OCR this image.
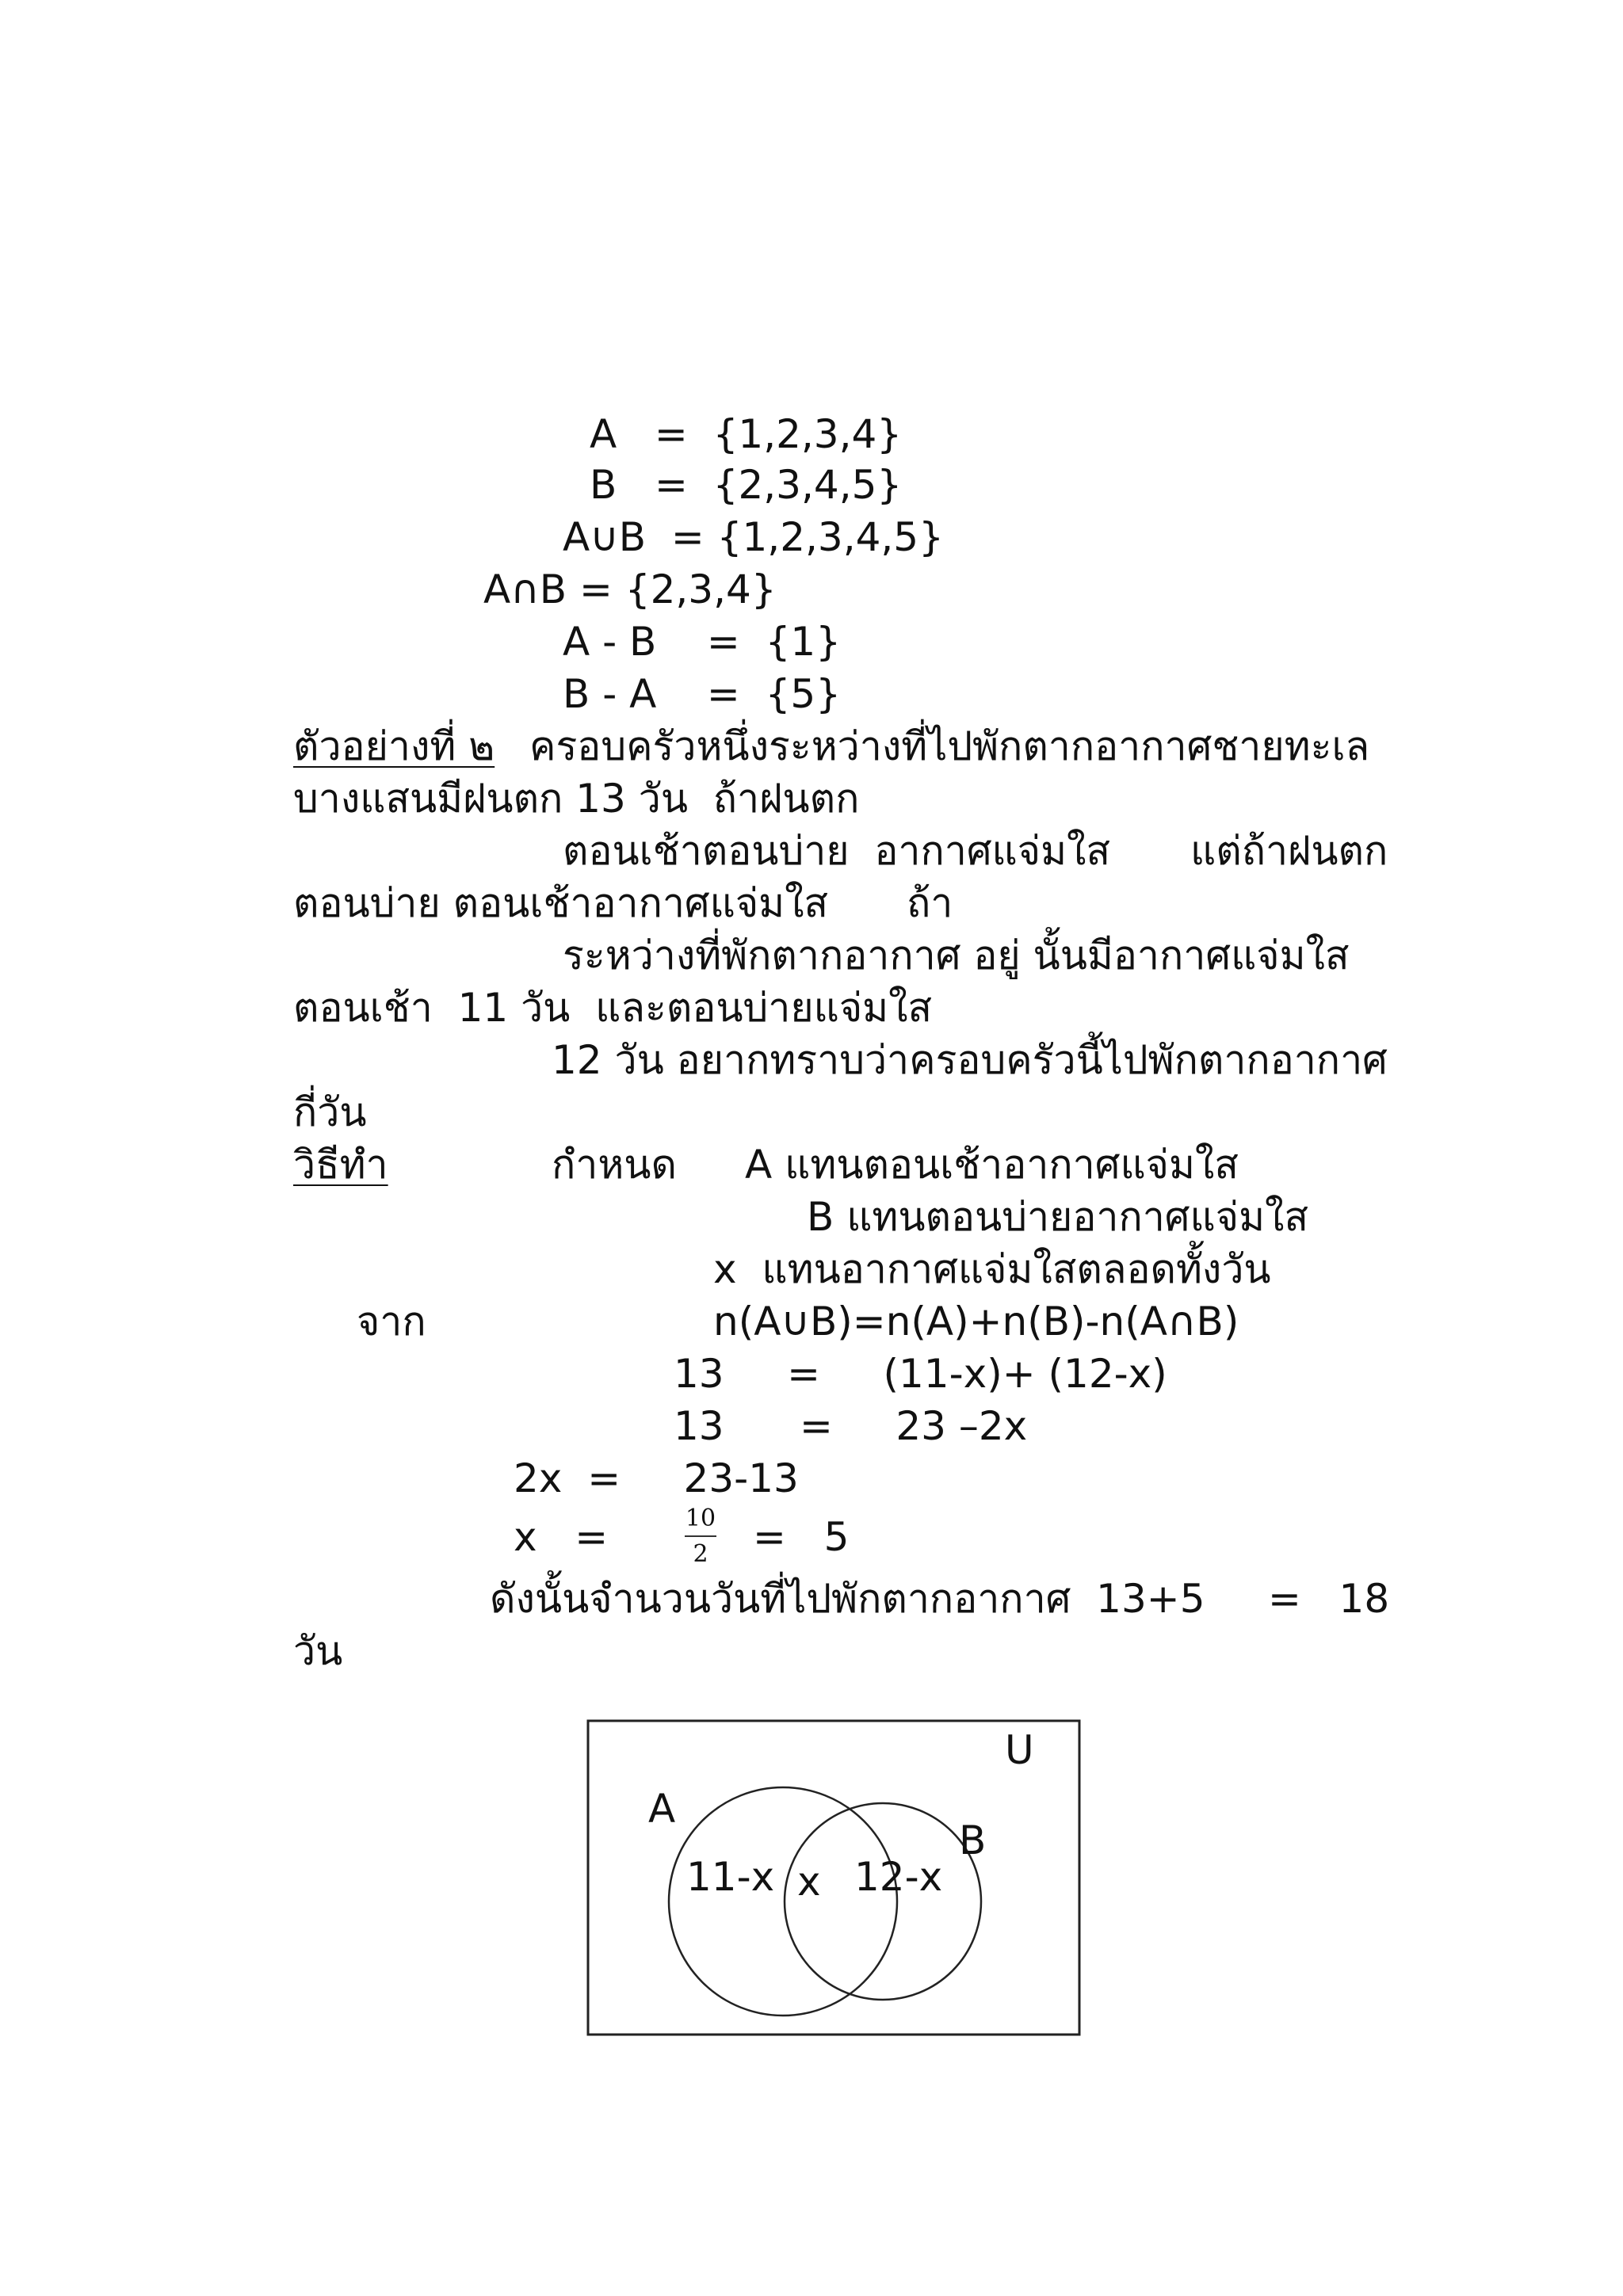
A   =  {1,2,3,4}
B   =  {2,3,4,5}
A∪B  = {1,2,3,4,5}
A∩B = {2,3,4}
A - B    =  {1}
B - A    =  {5}
ตัวอย่างที่ ๒ ครอบครัวหนึ่งระหว่างที่ไปพักตากอากาศชายทะเล
บางแสนมีฝนตก 13 วัน  ถ้าฝนตก
ตอนเช้าตอนบ่าย  อากาศแจ่มใส แต่ถ้าฝนตก
ตอนบ่าย ตอนเช้าอากาศแจ่มใส ถ้า
ระหว่างที่พักตากอากาศ อยู่ นั้นมีอากาศแจ่มใส
ตอนเช้า  11 วัน  และตอนบ่ายแจ่มใส
12 วัน อยากทราบว่าครอบครัวนี้ไปพักตากอากาศ
กี่วัน
วิธีทำ	กำหนด A แทนตอนเช้าอากาศแจ่มใส
B แทนตอนบ่ายอากาศแจ่มใส
x  แทนอากาศแจ่มใสตลอดทั้งวัน
จาก	n(A∪B)=n(A)+n(B)-n(A∩B)
13     =     (11-x)+ (12-x)
13      =     23 –2x
2x  =     23-13
x   =	10
2	=   5
ดังนั้นจำนวนวันที่ไปพักตากอากาศ  13+5     =   18
วัน
U
A
B
11-x x 12-x
